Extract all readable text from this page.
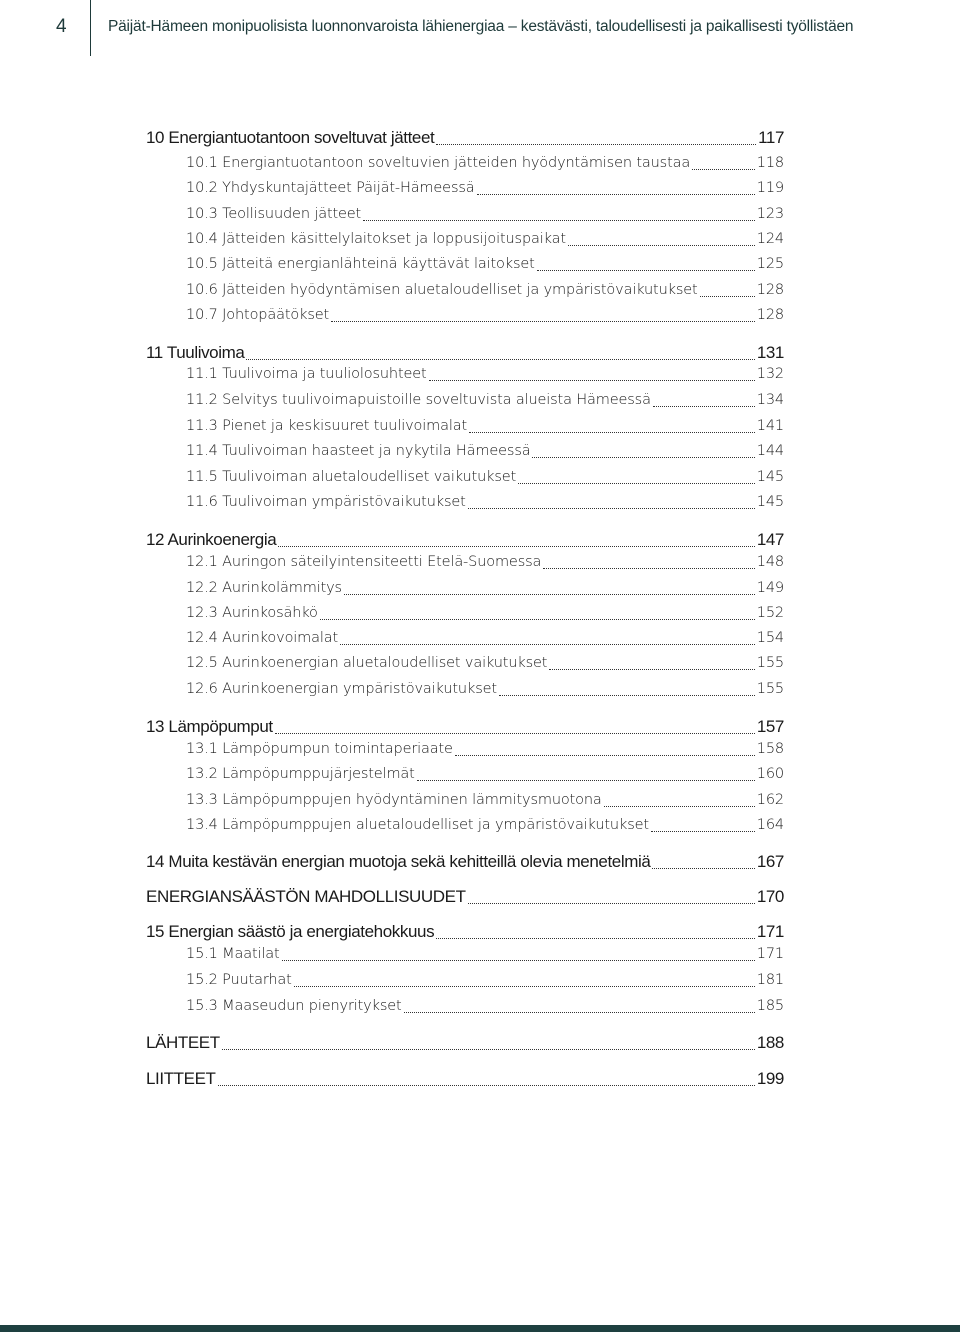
4	Päijät-Hämeen monipuolisista luonnonvaroista lähienergiaa – kestävästi, taloudellisesti ja paikallisesti työllistäen
10 Energiantuotantoon soveltuvat jätteet	117
10.1 Energiantuotantoon soveltuvien jätteiden hyödyntämisen taustaa	118
10.2 Yhdyskuntajätteet Päijät-Hämeessä	119
10.3 Teollisuuden jätteet	123
10.4 Jätteiden käsittelylaitokset ja loppusijoituspaikat	124
10.5 Jätteitä energianlähteinä käyttävät laitokset	125
10.6 Jätteiden hyödyntämisen aluetaloudelliset ja ympäristövaikutukset	128
10.7 Johtopäätökset	128
11 Tuulivoima	131
11.1 Tuulivoima ja tuuliolosuhteet	132
11.2 Selvitys tuulivoimapuistoille soveltuvista alueista Hämeessä	134
11.3 Pienet ja keskisuuret tuulivoimalat	141
11.4 Tuulivoiman haasteet ja nykytila Hämeessä	144
11.5 Tuulivoiman aluetaloudelliset vaikutukset	145
11.6 Tuulivoiman ympäristövaikutukset	145
12 Aurinkoenergia	147
12.1 Auringon säteilyintensiteetti Etelä-Suomessa	148
12.2 Aurinkolämmitys	149
12.3 Aurinkosähkö	152
12.4 Aurinkovoimalat	154
12.5 Aurinkoenergian aluetaloudelliset vaikutukset	155
12.6 Aurinkoenergian ympäristövaikutukset	155
13 Lämpöpumput	157
13.1 Lämpöpumpun toimintaperiaate	158
13.2 Lämpöpumppujärjestelmät	160
13.3 Lämpöpumppujen hyödyntäminen lämmitysmuotona	162
13.4 Lämpöpumppujen aluetaloudelliset ja ympäristövaikutukset	164
14 Muita kestävän energian muotoja sekä kehitteillä olevia menetelmiä	167
ENERGIANSÄÄSTÖN MAHDOLLISUUDET	170
15 Energian säästö ja energiatehokkuus	171
15.1 Maatilat	171
15.2 Puutarhat	181
15.3 Maaseudun pienyritykset	185
LÄHTEET	188
LIITTEET	199
